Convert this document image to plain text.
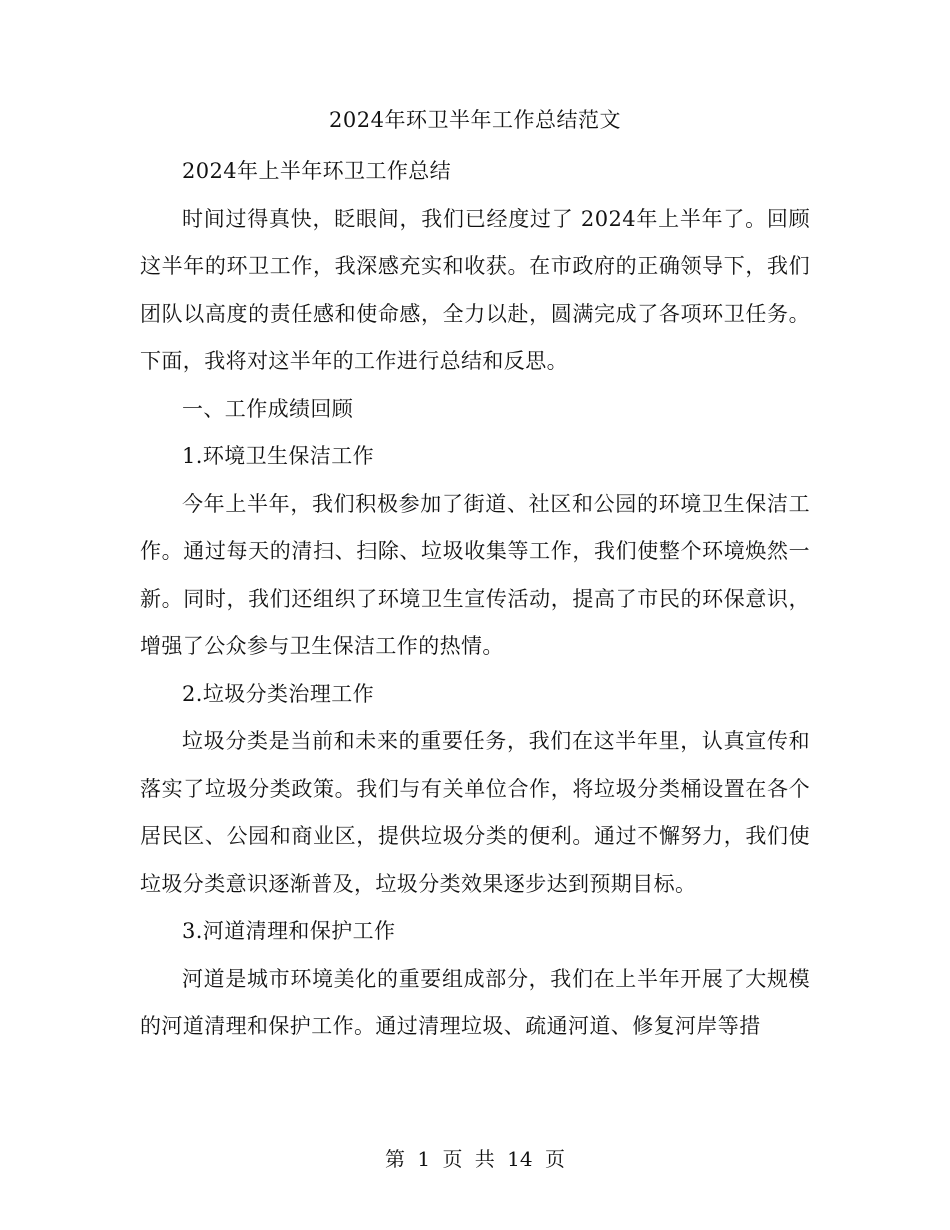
2024年环卫半年工作总结范文

2024年上半年环卫工作总结

时间过得真快，眨眼间，我们已经度过了 2024年上半年了。回顾这半年的环卫工作，我深感充实和收获。在市政府的正确领导下，我们团队以高度的责任感和使命感，全力以赴，圆满完成了各项环卫任务。下面，我将对这半年的工作进行总结和反思。

一、工作成绩回顾

1.环境卫生保洁工作

今年上半年，我们积极参加了街道、社区和公园的环境卫生保洁工作。通过每天的清扫、扫除、垃圾收集等工作，我们使整个环境焕然一新。同时，我们还组织了环境卫生宣传活动，提高了市民的环保意识，增强了公众参与卫生保洁工作的热情。

2.垃圾分类治理工作

垃圾分类是当前和未来的重要任务，我们在这半年里，认真宣传和落实了垃圾分类政策。我们与有关单位合作，将垃圾分类桶设置在各个居民区、公园和商业区，提供垃圾分类的便利。通过不懈努力，我们使垃圾分类意识逐渐普及，垃圾分类效果逐步达到预期目标。

3.河道清理和保护工作

河道是城市环境美化的重要组成部分，我们在上半年开展了大规模的河道清理和保护工作。通过清理垃圾、疏通河道、修复河岸等措

第 1 页 共 14 页
